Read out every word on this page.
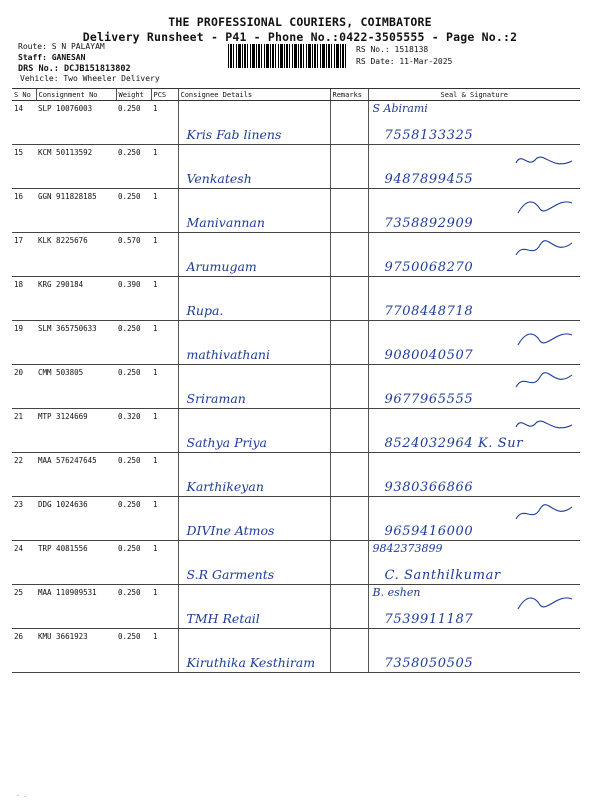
THE PROFESSIONAL COURIERS, COIMBATORE
Delivery Runsheet - P41 - Phone No.:0422-3505555 - Page No.:2
Route: S N PALAYAM
Staff: GANESAN
DRS No.: DCJB151813802
RS No.: 1518138
RS Date: 11-Mar-2025
Vehicle: Two Wheeler Delivery
S No	Consignment No	Weight	PCS	Consignee Details	Remarks	Seal & Signature
14	SLP 10076003	0.250	1	Kris Fab linens		S Abirami
7558133325

15	KCM 50113592	0.250	1	Venkatesh		9487899455

16	GGN 911828185	0.250	1	Manivannan		7358892909

17	KLK 8225676	0.570	1	Arumugam		9750068270

18	KRG 290184	0.390	1	Rupa.		7708448718

19	SLM 365750633	0.250	1	mathivathani		9080040507

20	CMM 503805	0.250	1	Sriraman		9677965555

21	MTP 3124669	0.320	1	Sathya Priya		8524032964 K. Sur

22	MAA 576247645	0.250	1	Karthikeyan		9380366866

23	DDG 1024636	0.250	1	DIVIne Atmos		9659416000

24	TRP 4081556	0.250	1	S.R Garments		9842373899
C. Santhilkumar

25	MAA 110909531	0.250	1	TMH Retail		B. eshen
7539911187

26	KMU 3661923	0.250	1	Kiruthika Kesthiram		7358050505
- .
